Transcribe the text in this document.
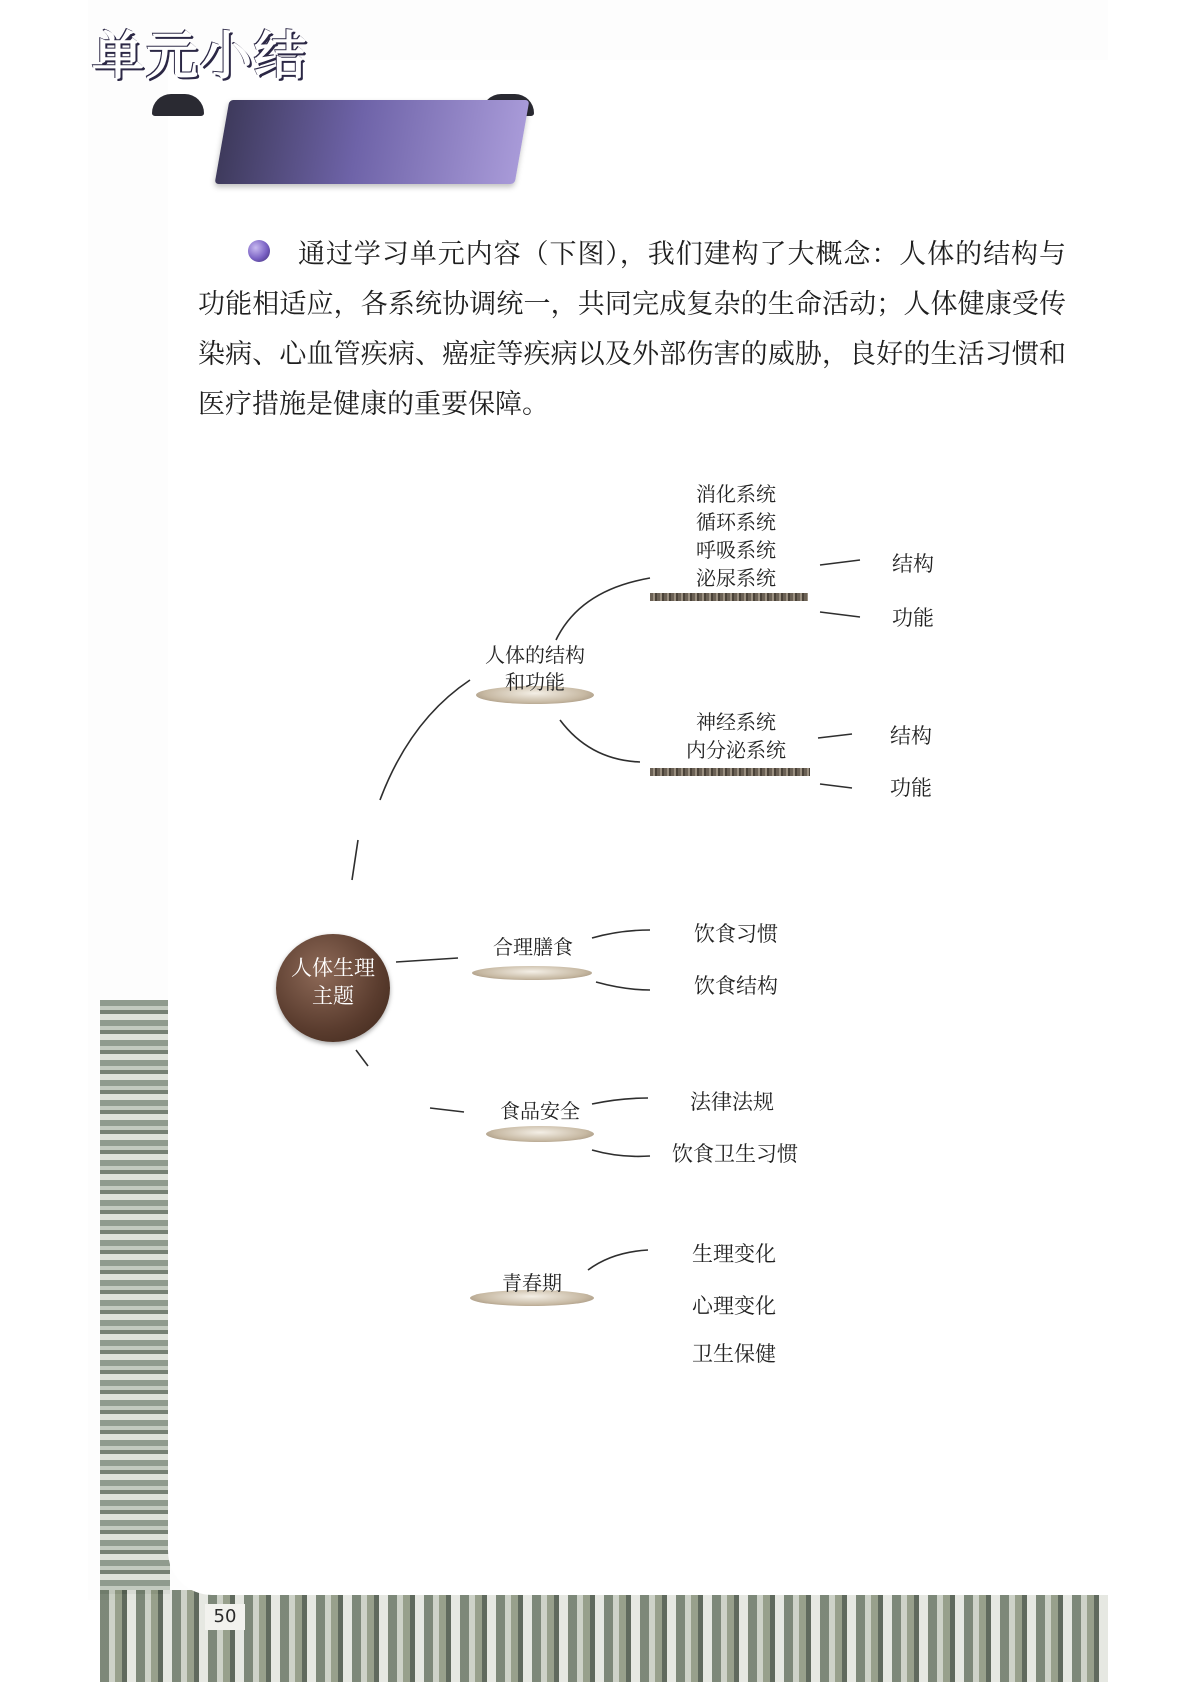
单元小结
通过学习单元内容（下图），我们建构了大概念：人体的结构与功能相适应，各系统协调统一，共同完成复杂的生命活动；人体健康受传染病、心血管疾病、癌症等疾病以及外部伤害的威胁，良好的生活习惯和医疗措施是健康的重要保障。
人体生理
主题
人体的结构
和功能
消化系统
循环系统
呼吸系统
泌尿系统
结构
功能
神经系统
内分泌系统
结构
功能
合理膳食
饮食习惯
饮食结构
食品安全	法律法规
饮食卫生习惯
青春期
生理变化
心理变化
卫生保健
50
